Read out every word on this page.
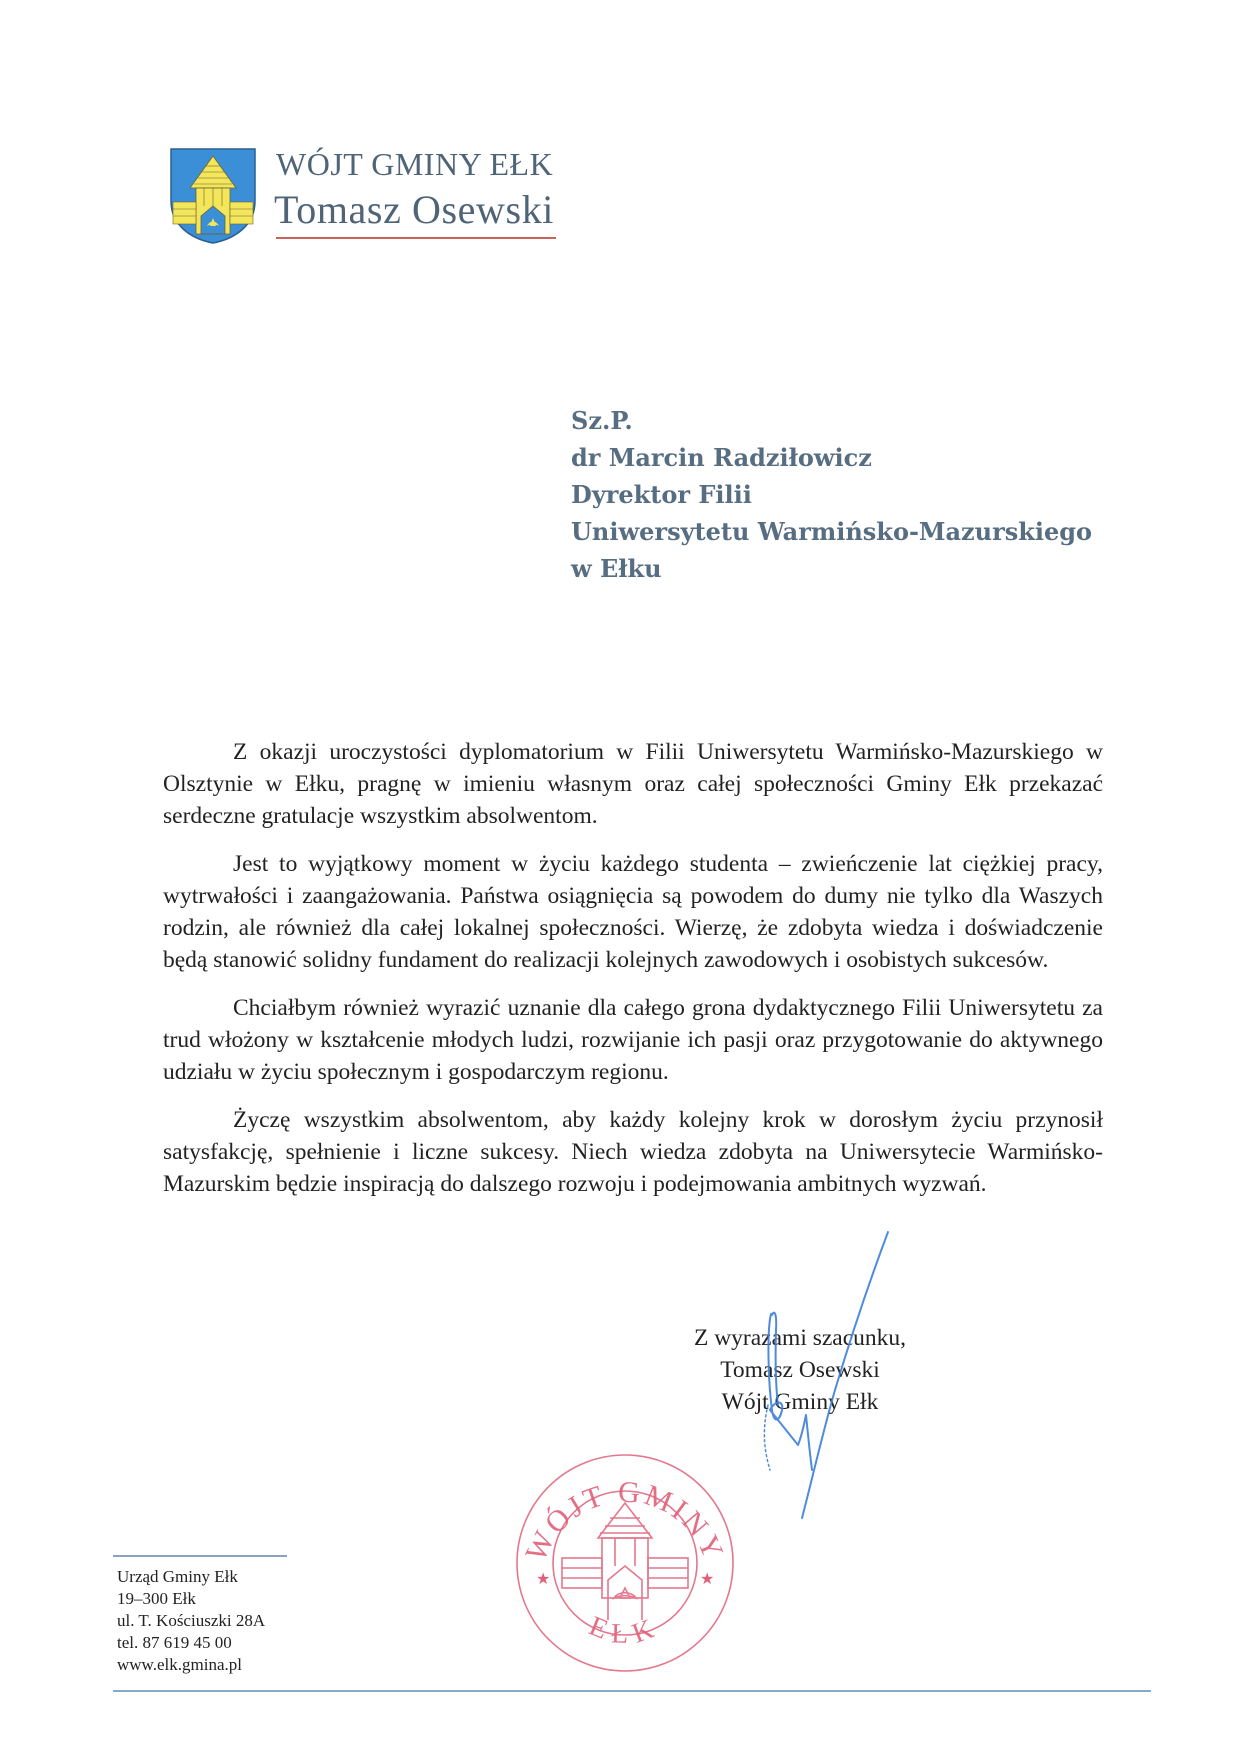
WÓJT GMINY EŁK
Tomasz Osewski
Sz.P.
dr Marcin Radziłowicz
Dyrektor Filii
Uniwersytetu Warmińsko-Mazurskiego
w Ełku

Z okazji uroczystości dyplomatorium w Filii Uniwersytetu Warmińsko-Mazurskiego w Olsztynie w Ełku, pragnę w imieniu własnym oraz całej społeczności Gminy Ełk przekazać serdeczne gratulacje wszystkim absolwentom.

Jest to wyjątkowy moment w życiu każdego studenta – zwieńczenie lat ciężkiej pracy, wytrwałości i zaangażowania. Państwa osiągnięcia są powodem do dumy nie tylko dla Waszych rodzin, ale również dla całej lokalnej społeczności. Wierzę, że zdobyta wiedza i doświadczenie będą stanowić solidny fundament do realizacji kolejnych zawodowych i osobistych sukcesów.

Chciałbym również wyrazić uznanie dla całego grona dydaktycznego Filii Uniwersytetu za trud włożony w kształcenie młodych ludzi, rozwijanie ich pasji oraz przygotowanie do aktywnego udziału w życiu społecznym i gospodarczym regionu.

Życzę wszystkim absolwentom, aby każdy kolejny krok w dorosłym życiu przynosił satysfakcję, spełnienie i liczne sukcesy. Niech wiedza zdobyta na Uniwersytecie Warmińsko-Mazurskim będzie inspiracją do dalszego rozwoju i podejmowania ambitnych wyzwań.

Z wyrazami szacunku,
Tomasz Osewski
Wójt Gminy Ełk
WÓJT GMINY
EŁK
★	★
Urząd Gminy Ełk
19–300 Ełk
ul. T. Kościuszki 28A
tel. 87 619 45 00
www.elk.gmina.pl
